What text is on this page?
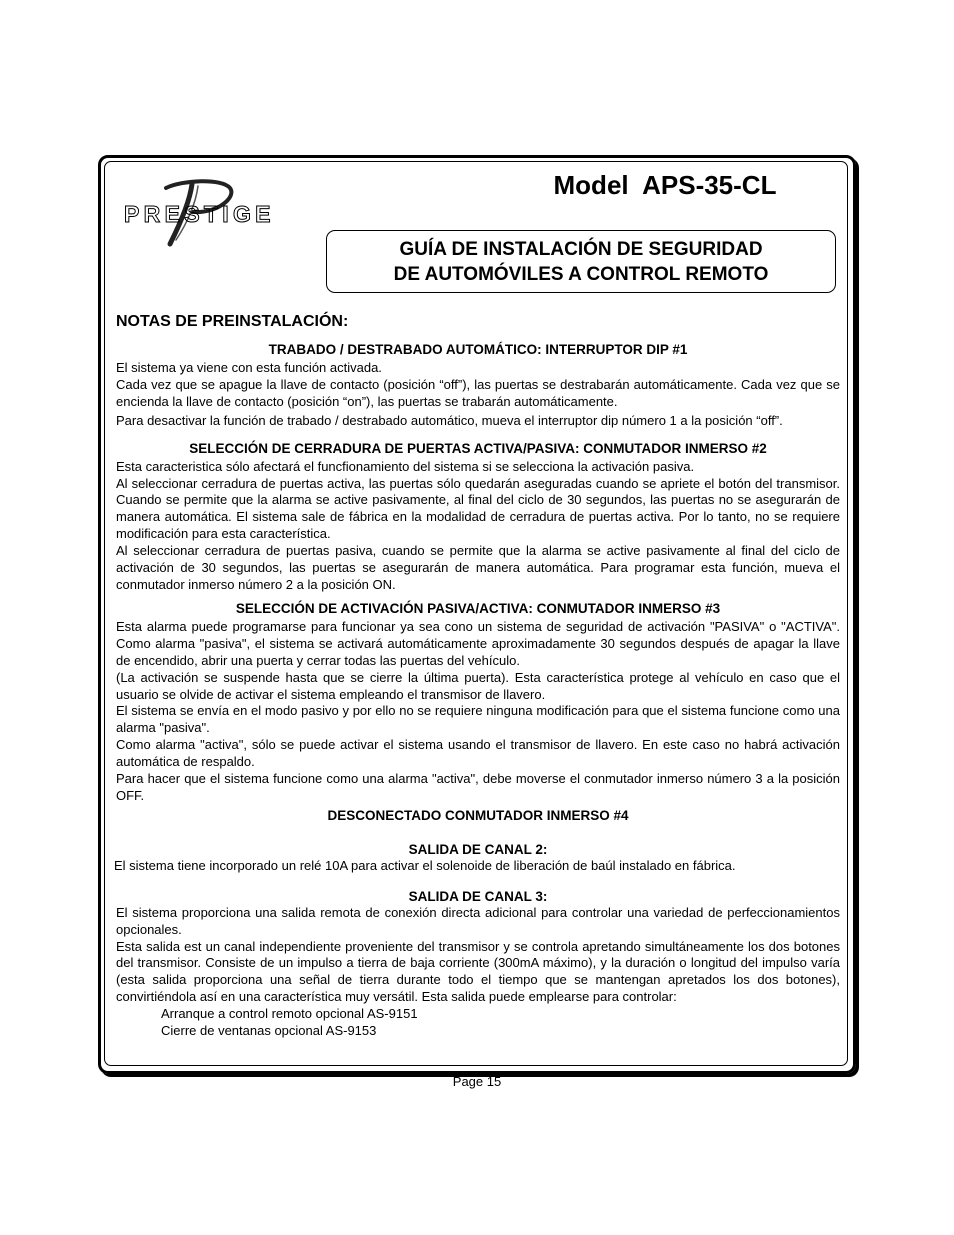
PRESTIGE
Model  APS-35-CL
GUÍA DE INSTALACIÓN DE SEGURIDAD
DE AUTOMÓVILES A CONTROL REMOTO
NOTAS DE PREINSTALACIÓN:
TRABADO / DESTRABADO AUTOMÁTICO: INTERRUPTOR DIP #1

El sistema ya viene con esta función activada.

Cada vez que se apague la llave de contacto (posición “off”), las puertas se destrabarán automáticamente. Cada vez que se encienda la llave de contacto (posición “on”), las puertas se trabarán automáticamente.

Para desactivar la función de trabado / destrabado automático, mueva el interruptor dip número 1 a la posición “off”.

SELECCIÓN DE CERRADURA DE PUERTAS ACTIVA/PASIVA: CONMUTADOR INMERSO #2

Esta caracteristica sólo afectará el funcfionamiento del sistema si se selecciona la activación pasiva.

Al seleccionar cerradura de puertas activa, las puertas sólo quedarán aseguradas cuando se apriete el botón del transmisor. Cuando se permite que la alarma se active pasivamente, al final del ciclo de 30 segundos, las puertas no se asegurarán de manera automática. El sistema sale de fábrica en la modalidad de cerradura de puertas activa. Por lo tanto, no se requiere modificación para esta característica.

Al seleccionar cerradura de puertas pasiva, cuando se permite que la alarma se active pasivamente al final del ciclo de activación de 30 segundos, las puertas se asegurarán de manera automática. Para programar esta función, mueva el conmutador inmerso número 2 a la posición ON.

SELECCIÓN DE ACTIVACIÓN PASIVA/ACTIVA: CONMUTADOR INMERSO #3

Esta alarma puede programarse para funcionar ya sea cono un sistema de seguridad de activación "PASIVA" o "ACTIVA". Como alarma "pasiva", el sistema se activará automáticamente aproximadamente 30 segundos después de apagar la llave de encendido, abrir una puerta y cerrar todas las puertas del vehículo.

(La activación se suspende hasta que se cierre la última puerta). Esta característica protege al vehículo en caso que el usuario se olvide de activar el sistema empleando el transmisor de llavero.

El sistema se envía en el modo pasivo y por ello no se requiere ninguna modificación para que el sistema funcione como una alarma "pasiva".

Como alarma "activa", sólo se puede activar el sistema usando el transmisor de llavero. En este caso no habrá activación automática de respaldo.

Para hacer que el sistema funcione como una alarma "activa", debe moverse el conmutador inmerso número 3 a la posición OFF.

DESCONECTADO CONMUTADOR INMERSO #4
SALIDA DE CANAL 2:

El sistema tiene incorporado un relé 10A para activar el solenoide de liberación de baúl instalado en fábrica.

SALIDA DE CANAL 3:

El sistema proporciona una salida remota de conexión directa adicional para controlar una variedad de perfeccionamientos opcionales.

Esta salida est un canal independiente proveniente del transmisor y se controla apretando simultáneamente los dos botones del transmisor. Consiste de un impulso a tierra de baja corriente (300mA máximo), y la duración o longitud del impulso varía (esta salida proporciona una señal de tierra durante todo el tiempo que se mantengan apretados los dos botones), convirtiéndola así en una característica muy versátil. Esta salida puede emplearse para controlar:

Arranque a control remoto opcional AS-9151

Cierre de ventanas opcional AS-9153

Page 15
